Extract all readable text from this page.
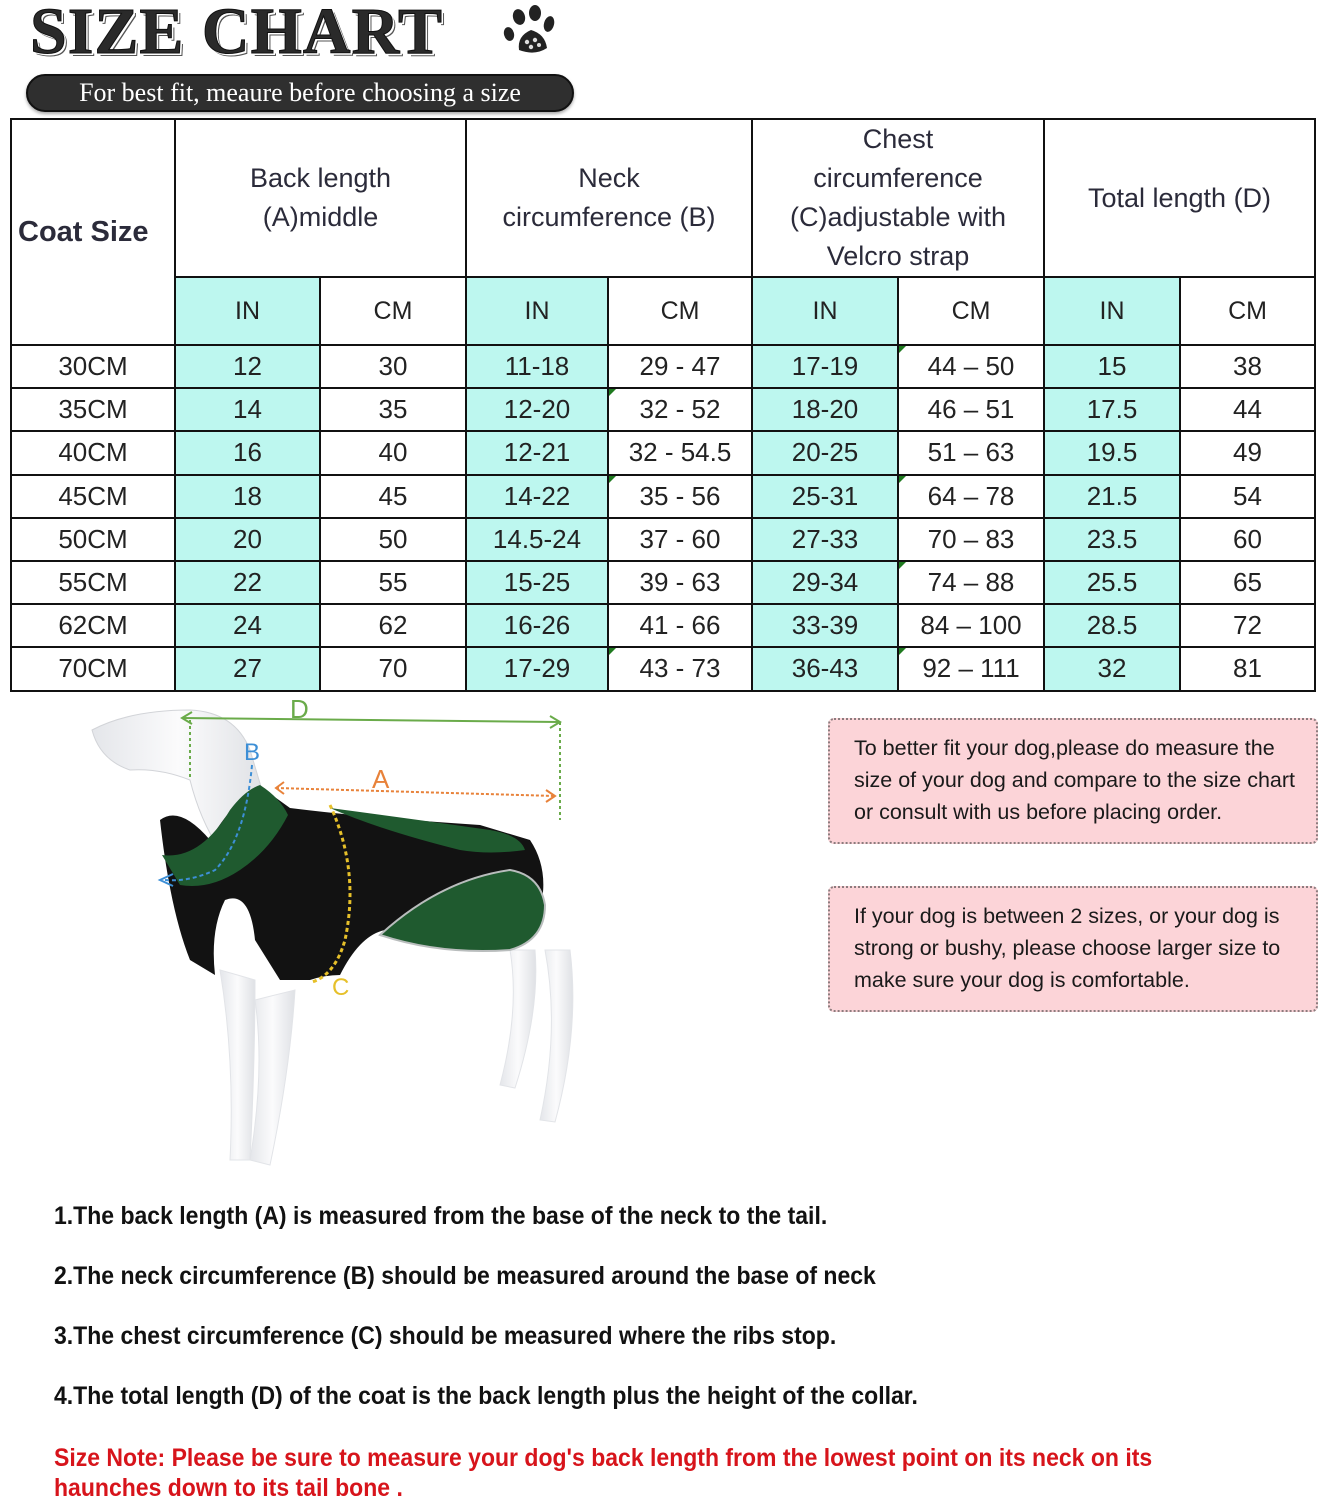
SIZE CHART
For best fit, meaure before choosing a size
Coat Size	
Back length
(A)middle

Neck
circumference (B)

Chest
circumference
(C)adjustable with
Velcro strap

Total length (D)

	IN	CM	IN	CM	IN	CM	IN	CM
30CM	12	30	11-18	29 - 47	17-19	44 – 50	15	38
35CM	14	35	12-20	32 - 52	18-20	46 – 51	17.5	44
40CM	16	40	12-21	32 - 54.5	20-25	51 – 63	19.5	49
45CM	18	45	14-22	35 - 56	25-31	64 – 78	21.5	54
50CM	20	50	14.5-24	37 - 60	27-33	70 – 83	23.5	60
55CM	22	55	15-25	39 - 63	29-34	74 – 88	25.5	65
62CM	24	62	16-26	41 - 66	33-39	84 – 100	28.5	72
70CM	27	70	17-29	43 - 73	36-43	92 – 111	32	81
D
A
B
C
To better fit your dog,please do measure the size of your dog and compare to the size chart or consult with us before placing order.
If your dog is between 2 sizes, or your dog is strong or bushy, please choose larger size to make sure your dog is comfortable.
1.The back length (A) is measured from the base of the neck to the tail.
2.The neck circumference (B) should be measured around the base of neck
3.The chest circumference (C) should be measured where the ribs stop.
4.The total length (D) of the coat is the back length plus the height of the collar.
Size Note: Please be sure to measure your dog's back length from the lowest point on its neck on its haunches down to its tail bone .
